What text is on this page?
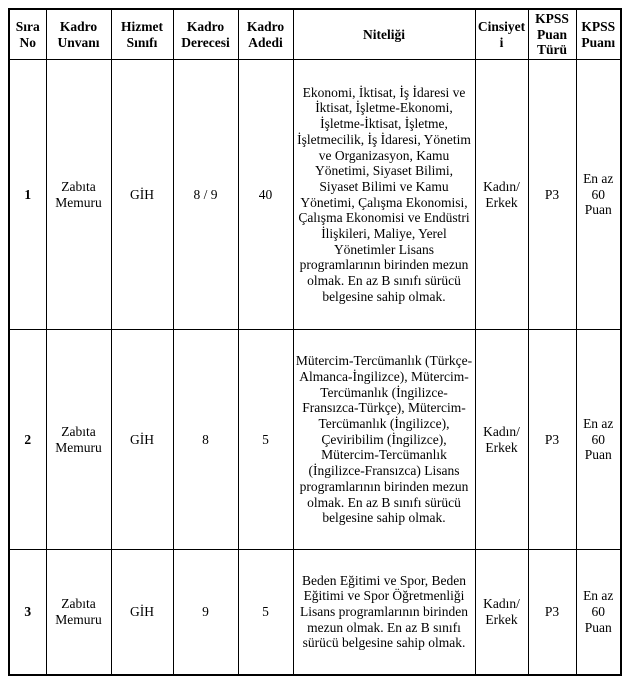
Sıra No	Kadro Unvanı	Hizmet Sınıfı	Kadro Derecesi	Kadro Adedi	Niteliği	Cinsiyeti	KPSS Puan Türü	KPSS Puanı
1	Zabıta Memuru	GİH	8 / 9	40	Ekonomi, İktisat, İş İdaresi ve İktisat, İşletme-Ekonomi, İşletme-İktisat, İşletme, İşletmecilik, İş İdaresi, Yönetim ve Organizasyon, Kamu Yönetimi, Siyaset Bilimi, Siyaset Bilimi ve Kamu Yönetimi, Çalışma Ekonomisi, Çalışma Ekonomisi ve Endüstri İlişkileri, Maliye, Yerel Yönetimler Lisans programlarının birinden mezun olmak. En az B sınıfı sürücü belgesine sahip olmak.	Kadın/ Erkek	P3	En az 60 Puan
2	Zabıta Memuru	GİH	8	5	Mütercim-Tercümanlık (Türkçe-Almanca-İngilizce), Mütercim-Tercümanlık (İngilizce-Fransızca-Türkçe), Mütercim-Tercümanlık (İngilizce), Çeviribilim (İngilizce), Mütercim-Tercümanlık (İngilizce-Fransızca) Lisans programlarının birinden mezun olmak. En az B sınıfı sürücü belgesine sahip olmak.	Kadın/ Erkek	P3	En az 60 Puan
3	Zabıta Memuru	GİH	9	5	Beden Eğitimi ve Spor, Beden Eğitimi ve Spor Öğretmenliği Lisans programlarının birinden mezun olmak. En az B sınıfı sürücü belgesine sahip olmak.	Kadın/ Erkek	P3	En az 60 Puan
